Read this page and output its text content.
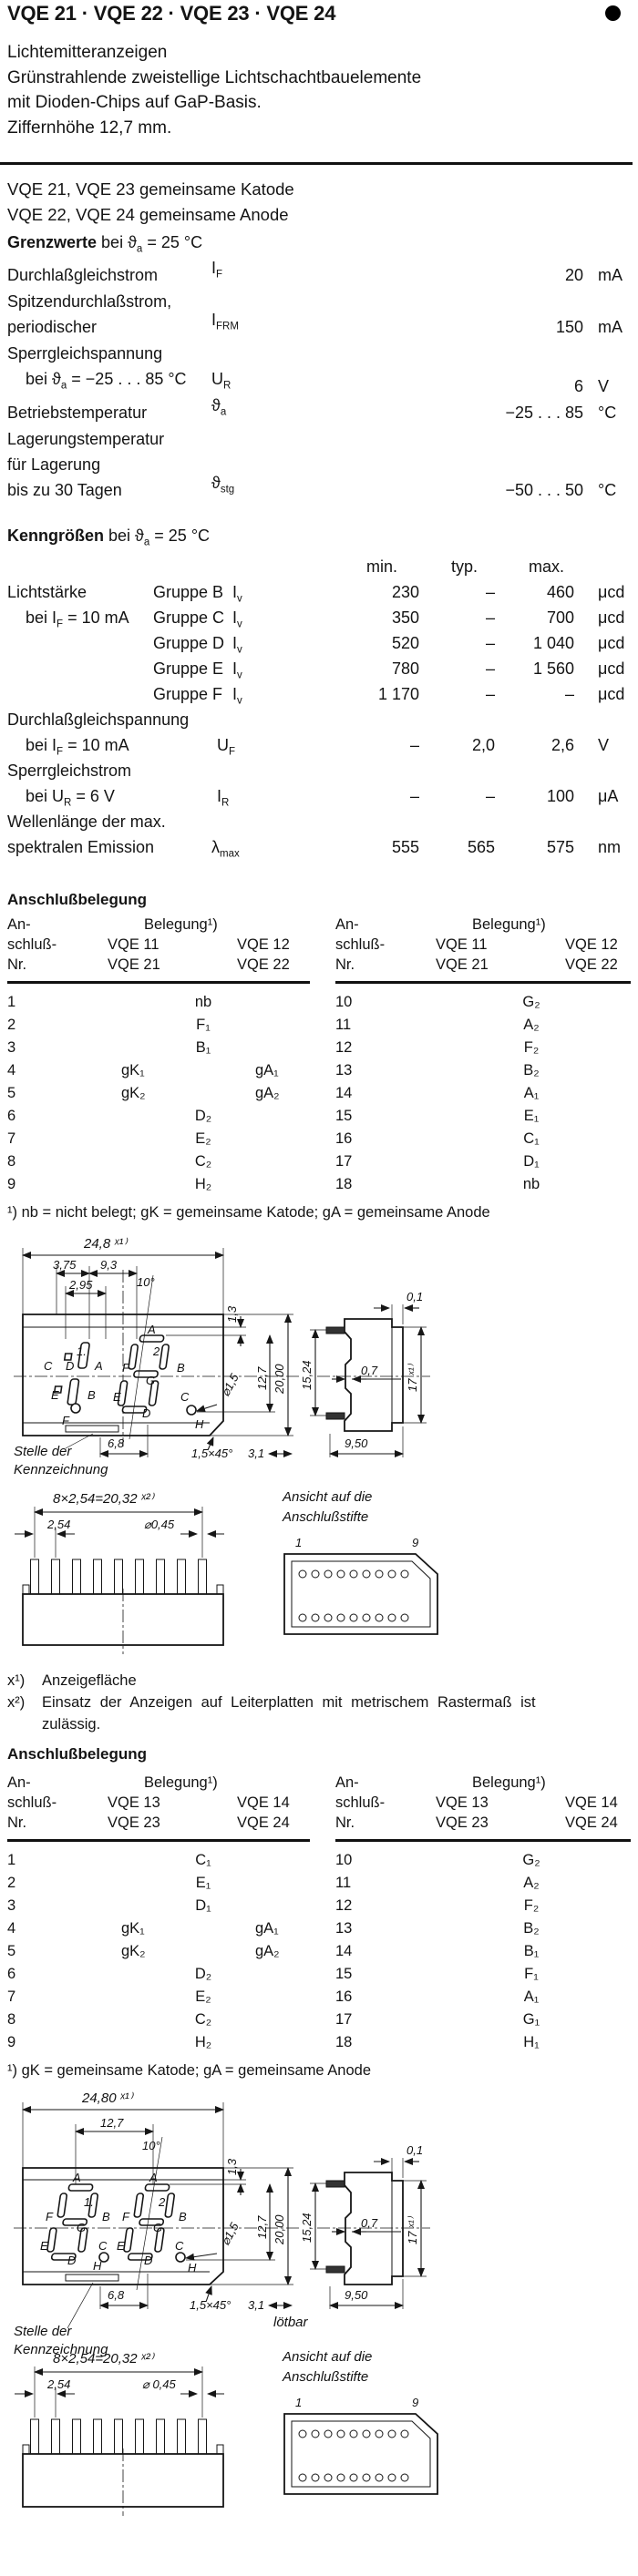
VQE 21 · VQE 22 · VQE 23 · VQE 24
Lichtemitteranzeigen
Grünstrahlende zweistellige Lichtschachtbauelemente
mit Dioden-Chips auf GaP-Basis.
Ziffernhöhe 12,7 mm.
VQE 21, VQE 23 gemeinsame Katode
VQE 22, VQE 24 gemeinsame Anode
Grenzwerte bei $ϑ_a = 25$ °C
Durchlaßgleichstrom	$I_F$	20 mA
Spitzendurchlaßstrom,
periodischer	$I_{FRM}$	150 mA
Sperrgleichspannung
bei $ϑ_a = -25$ . . . 85 °C	$U_R$	6 V
Betriebstemperatur	$ϑ_a$	−25 . . . 85 °C
Lagerungstemperatur
für Lagerung
bis zu 30 Tagen	$ϑ_{stg}$	−50 . . . 50 °C
Kenngrößen bei $ϑ_a = 25$ °C
min.	typ.	max.
Lichtstärke	Gruppe B $I_v$	230	–	460 μcd
bei $I_F = 10$ mA Gruppe C $I_v$	350	–	700 μcd
Gruppe D $I_v$	520	–	1 040 μcd
Gruppe E $I_v$	780	–	1 560 μcd
Gruppe F $I_v$	1 170	–	– μcd
Durchlaßgleichspannung
bei $I_F = 10$ mA	$U_F$	–	2,0	2,6 V
Sperrgleichstrom
bei $U_R = 6$ V	$I_R$	–	–	100 μA
Wellenlänge der max.
spektralen Emission	$\lambda_{max}$	555	565	575 nm
Anschlußbelegung
An-	Belegung¹)
schluß-	VQE 11	VQE 12
Nr.	VQE 21	VQE 22
1	nb
2	F₁
3	B₁
4	gK₁	gA₁
5	gK₂	gA₂
6	D₂
7	E₂
8	C₂
9	H₂
An-	Belegung¹)
schluß-	VQE 11	VQE 12
Nr.	VQE 21	VQE 22
10	G₂
11	A₂
12	F₂
13	B₂
14	A₁
15	E₁
16	C₁
17	D₁
18	nb
¹) nb = nicht belegt; gK = gemeinsame Katode; gA = gemeinsame Anode
C D A
E B
F
1.
A
F
2
G
B
E
D
C
H
24,8 ˣ¹⁾
3,75 9,3
2,95	10°
1,3
12,7 20,00
⌀1,5
6,8
1,5×45° 3,1
9,50
Stelle der
Kennzeichnung
0,1
15,24	0,7 17 ˣ¹⁾
8×2,54=20,32 ˣ²⁾
2,54	⌀0,45
Ansicht auf die
Anschlußstifte
1	9
x¹) Anzeigefläche
x²) Einsatz der Anzeigen auf Leiterplatten mit metrischem Rastermaß ist
zulässig.
Anschlußbelegung
An-	Belegung¹)
schluß-	VQE 13	VQE 14
Nr.	VQE 23	VQE 24
1	C₁
2	E₁
3	D₁
4	gK₁	gA₁
5	gK₂	gA₂
6	D₂
7	E₂
8	C₂
9	H₂
An-	Belegung¹)
schluß-	VQE 13	VQE 14
Nr.	VQE 23	VQE 24
10	G₂
11	A₂
12	F₂
13	B₂
14	B₁
15	F₁
16	A₁
17	G₁
18	H₁
¹) gK = gemeinsame Katode; gA = gemeinsame Anode
A
F
1.
G
B
E
D
C
H
A
F
2
G
B
E
D
C
H
24,80 ˣ¹⁾
12,7
10°
1,3
12,7 20,00
⌀1,5
6,8
1,5×45° 3,1
lötbar
9,50
Stelle der
Kennzeichnung
0,1
15,24	0,7 17 ˣ¹⁾
8×2,54=20,32 ˣ²⁾
2,54	⌀ 0,45
Ansicht auf die
Anschlußstifte
1	9
